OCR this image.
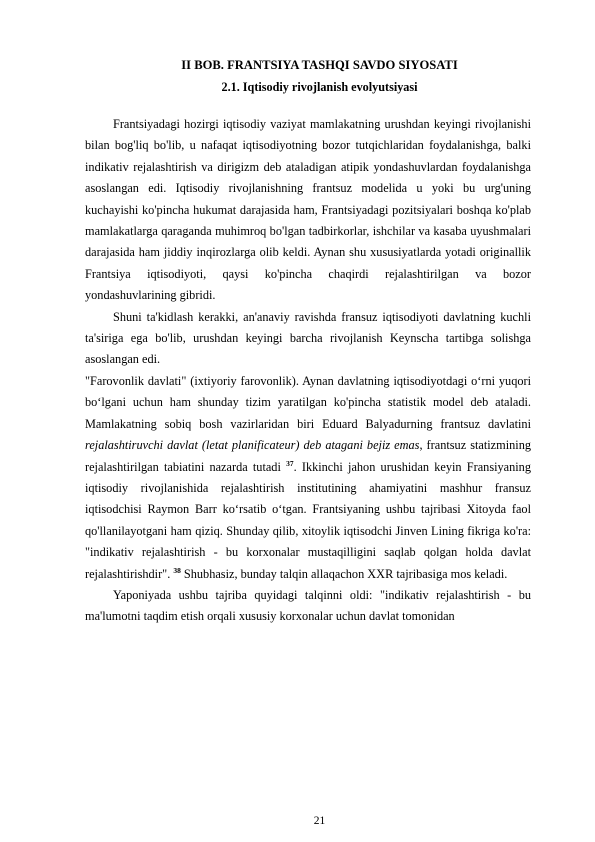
II BOB. FRANTSIYA TASHQI SAVDO SIYOSATI
2.1. Iqtisodiy rivojlanish evolyutsiyasi

Frantsiyadagi hozirgi iqtisodiy vaziyat mamlakatning urushdan keyingi rivojlanishi bilan bog'liq bo'lib, u nafaqat iqtisodiyotning bozor tutqichlaridan foydalanishga, balki indikativ rejalashtirish va dirigizm deb ataladigan atipik yondashuvlardan foydalanishga asoslangan edi. Iqtisodiy rivojlanishning frantsuz modelida u yoki bu urg'uning kuchayishi ko'pincha hukumat darajasida ham, Frantsiyadagi pozitsiyalari boshqa ko'plab mamlakatlarga qaraganda muhimroq bo'lgan tadbirkorlar, ishchilar va kasaba uyushmalari darajasida ham jiddiy inqirozlarga olib keldi. Aynan shu xususiyatlarda yotadi originallik Frantsiya iqtisodiyoti, qaysi ko'pincha chaqirdi rejalashtirilgan va bozor yondashuvlarining gibridi.

Shuni ta'kidlash kerakki, an'anaviy ravishda fransuz iqtisodiyoti davlatning kuchli ta'siriga ega bo'lib, urushdan keyingi barcha rivojlanish Keynscha tartibga solishga asoslangan edi.

"Farovonlik davlati" (ixtiyoriy farovonlik). Aynan davlatning iqtisodiyotdagi o‘rni yuqori bo‘lgani uchun ham shunday tizim yaratilgan ko'pincha statistik model deb ataladi. Mamlakatning sobiq bosh vazirlaridan biri Eduard Balyadurning frantsuz davlatini rejalashtiruvchi davlat (letat planificateur) deb atagani bejiz emas, frantsuz statizmining rejalashtirilgan tabiatini nazarda tutadi $^{37}$. Ikkinchi jahon urushidan keyin Fransiyaning iqtisodiy rivojlanishida rejalashtirish institutining ahamiyatini mashhur fransuz iqtisodchisi Raymon Barr ko‘rsatib o‘tgan. Frantsiyaning ushbu tajribasi Xitoyda faol qo'llanilayotgani ham qiziq. Shunday qilib, xitoylik iqtisodchi Jinven Lining fikriga ko'ra: "indikativ rejalashtirish - bu korxonalar mustaqilligini saqlab qolgan holda davlat rejalashtirishdir". $^{38}$ Shubhasiz, bunday talqin allaqachon XXR tajribasiga mos keladi.

Yaponiyada ushbu tajriba quyidagi talqinni oldi: "indikativ rejalashtirish - bu ma'lumotni taqdim etish orqali xususiy korxonalar uchun davlat tomonidan

21
